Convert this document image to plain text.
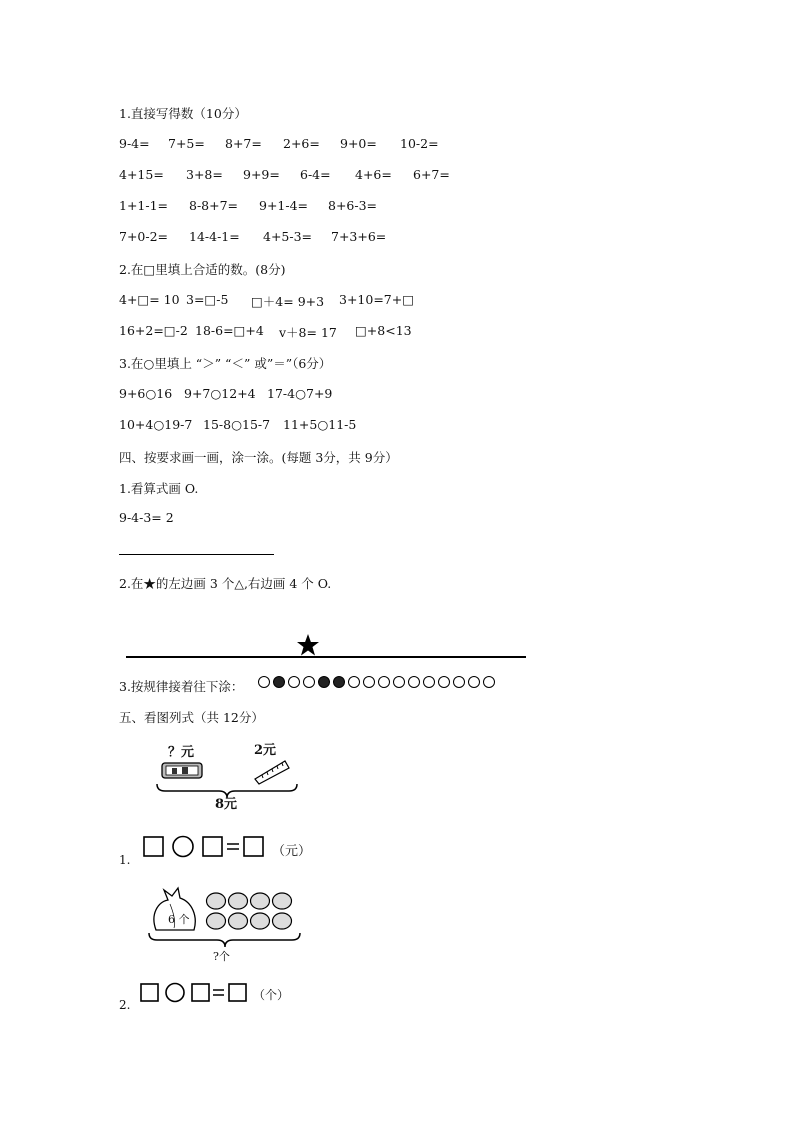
1.直接写得数（10分）
9-4= 7+5= 8+7= 2+6= 9+0= 10-2=
4+15= 3+8= 9+9= 6-4= 4+6= 6+7=
1+1-1= 8-8+7= 9+1-4= 8+6-3=
7+0-2= 14-4-1= 4+5-3= 7+3+6=
2.在□里填上合适的数。(8分)
4+□= 10 3=□-5 □＋4= 9+3 3+10=7+□
16+2=□-2 18-6=□+4 v＋8= 17 □+8<13
3.在○里填上 “＞” “＜” 或”＝”（6分）
9+6○16 9+7○12+4 17-4○7+9
10+4○19-7 15-8○15-7 11+5○11-5
四、按要求画一画，涂一涂。(每题 3分，共 9分）
1.看算式画 O.
9-4-3= 2
2.在★的左边画 3 个△,右边画 4 个 O.
3.按规律接着往下涂：
五、看图列式（共 12分）
？元	2元
8元
1.
（元）
6 个
?个
2.
（个）
